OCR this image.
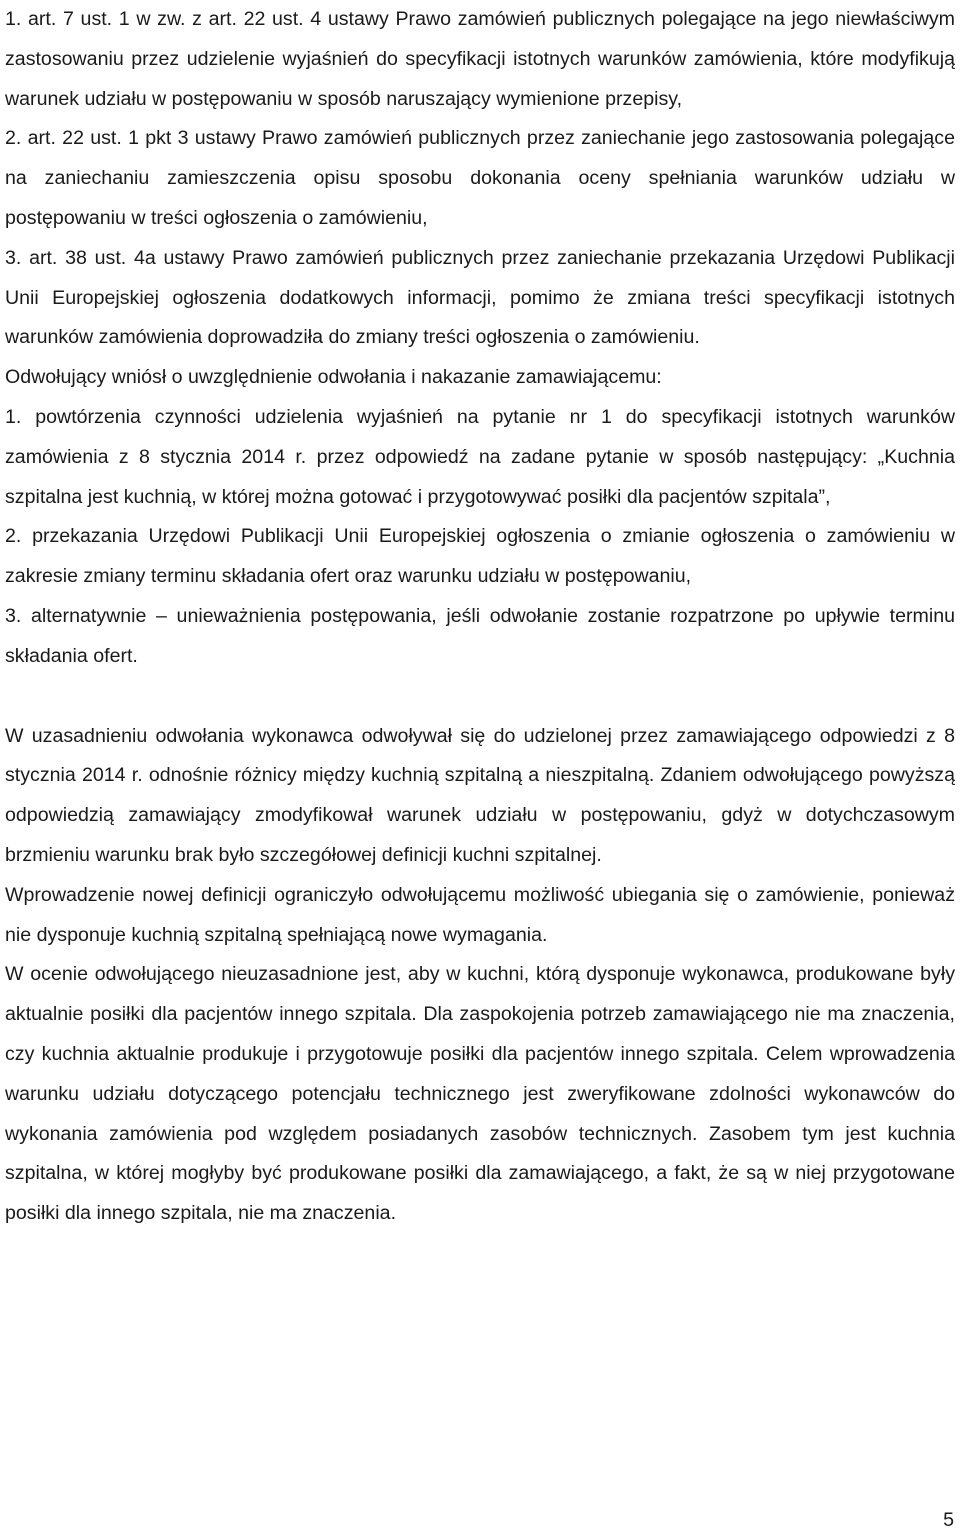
1. art. 7 ust. 1 w zw. z art. 22 ust. 4 ustawy Prawo zamówień publicznych polegające na jego niewłaściwym zastosowaniu przez udzielenie wyjaśnień do specyfikacji istotnych warunków zamówienia, które modyfikują warunek udziału w postępowaniu w sposób naruszający wymienione przepisy,

2. art. 22 ust. 1 pkt 3 ustawy Prawo zamówień publicznych przez zaniechanie jego zastosowania polegające na zaniechaniu zamieszczenia opisu sposobu dokonania oceny spełniania warunków udziału w postępowaniu w treści ogłoszenia o zamówieniu,

3. art. 38 ust. 4a ustawy Prawo zamówień publicznych przez zaniechanie przekazania Urzędowi Publikacji Unii Europejskiej ogłoszenia dodatkowych informacji, pomimo że zmiana treści specyfikacji istotnych warunków zamówienia doprowadziła do zmiany treści ogłoszenia o zamówieniu.

Odwołujący wniósł o uwzględnienie odwołania i nakazanie zamawiającemu:

1. powtórzenia czynności udzielenia wyjaśnień na pytanie nr 1 do specyfikacji istotnych warunków zamówienia z 8 stycznia 2014 r. przez odpowiedź na zadane pytanie w sposób następujący: „Kuchnia szpitalna jest kuchnią, w której można gotować i przygotowywać posiłki dla pacjentów szpitala”,

2. przekazania Urzędowi Publikacji Unii Europejskiej ogłoszenia o zmianie ogłoszenia o zamówieniu w zakresie zmiany terminu składania ofert oraz warunku udziału w postępowaniu,

3. alternatywnie – unieważnienia postępowania, jeśli odwołanie zostanie rozpatrzone po upływie terminu składania ofert.

W uzasadnieniu odwołania wykonawca odwoływał się do udzielonej przez zamawiającego odpowiedzi z 8 stycznia 2014 r. odnośnie różnicy między kuchnią szpitalną a nieszpitalną. Zdaniem odwołującego powyższą odpowiedzią zamawiający zmodyfikował warunek udziału w postępowaniu, gdyż w dotychczasowym brzmieniu warunku brak było szczegółowej definicji kuchni szpitalnej.

Wprowadzenie nowej definicji ograniczyło odwołującemu możliwość ubiegania się o zamówienie, ponieważ nie dysponuje kuchnią szpitalną spełniającą nowe wymagania.

W ocenie odwołującego nieuzasadnione jest, aby w kuchni, którą dysponuje wykonawca, produkowane były aktualnie posiłki dla pacjentów innego szpitala. Dla zaspokojenia potrzeb zamawiającego nie ma znaczenia, czy kuchnia aktualnie produkuje i przygotowuje posiłki dla pacjentów innego szpitala. Celem wprowadzenia warunku udziału dotyczącego potencjału technicznego jest zweryfikowane zdolności wykonawców do wykonania zamówienia pod względem posiadanych zasobów technicznych. Zasobem tym jest kuchnia szpitalna, w której mogłyby być produkowane posiłki dla zamawiającego, a fakt, że są w niej przygotowane posiłki dla innego szpitala, nie ma znaczenia.

5
